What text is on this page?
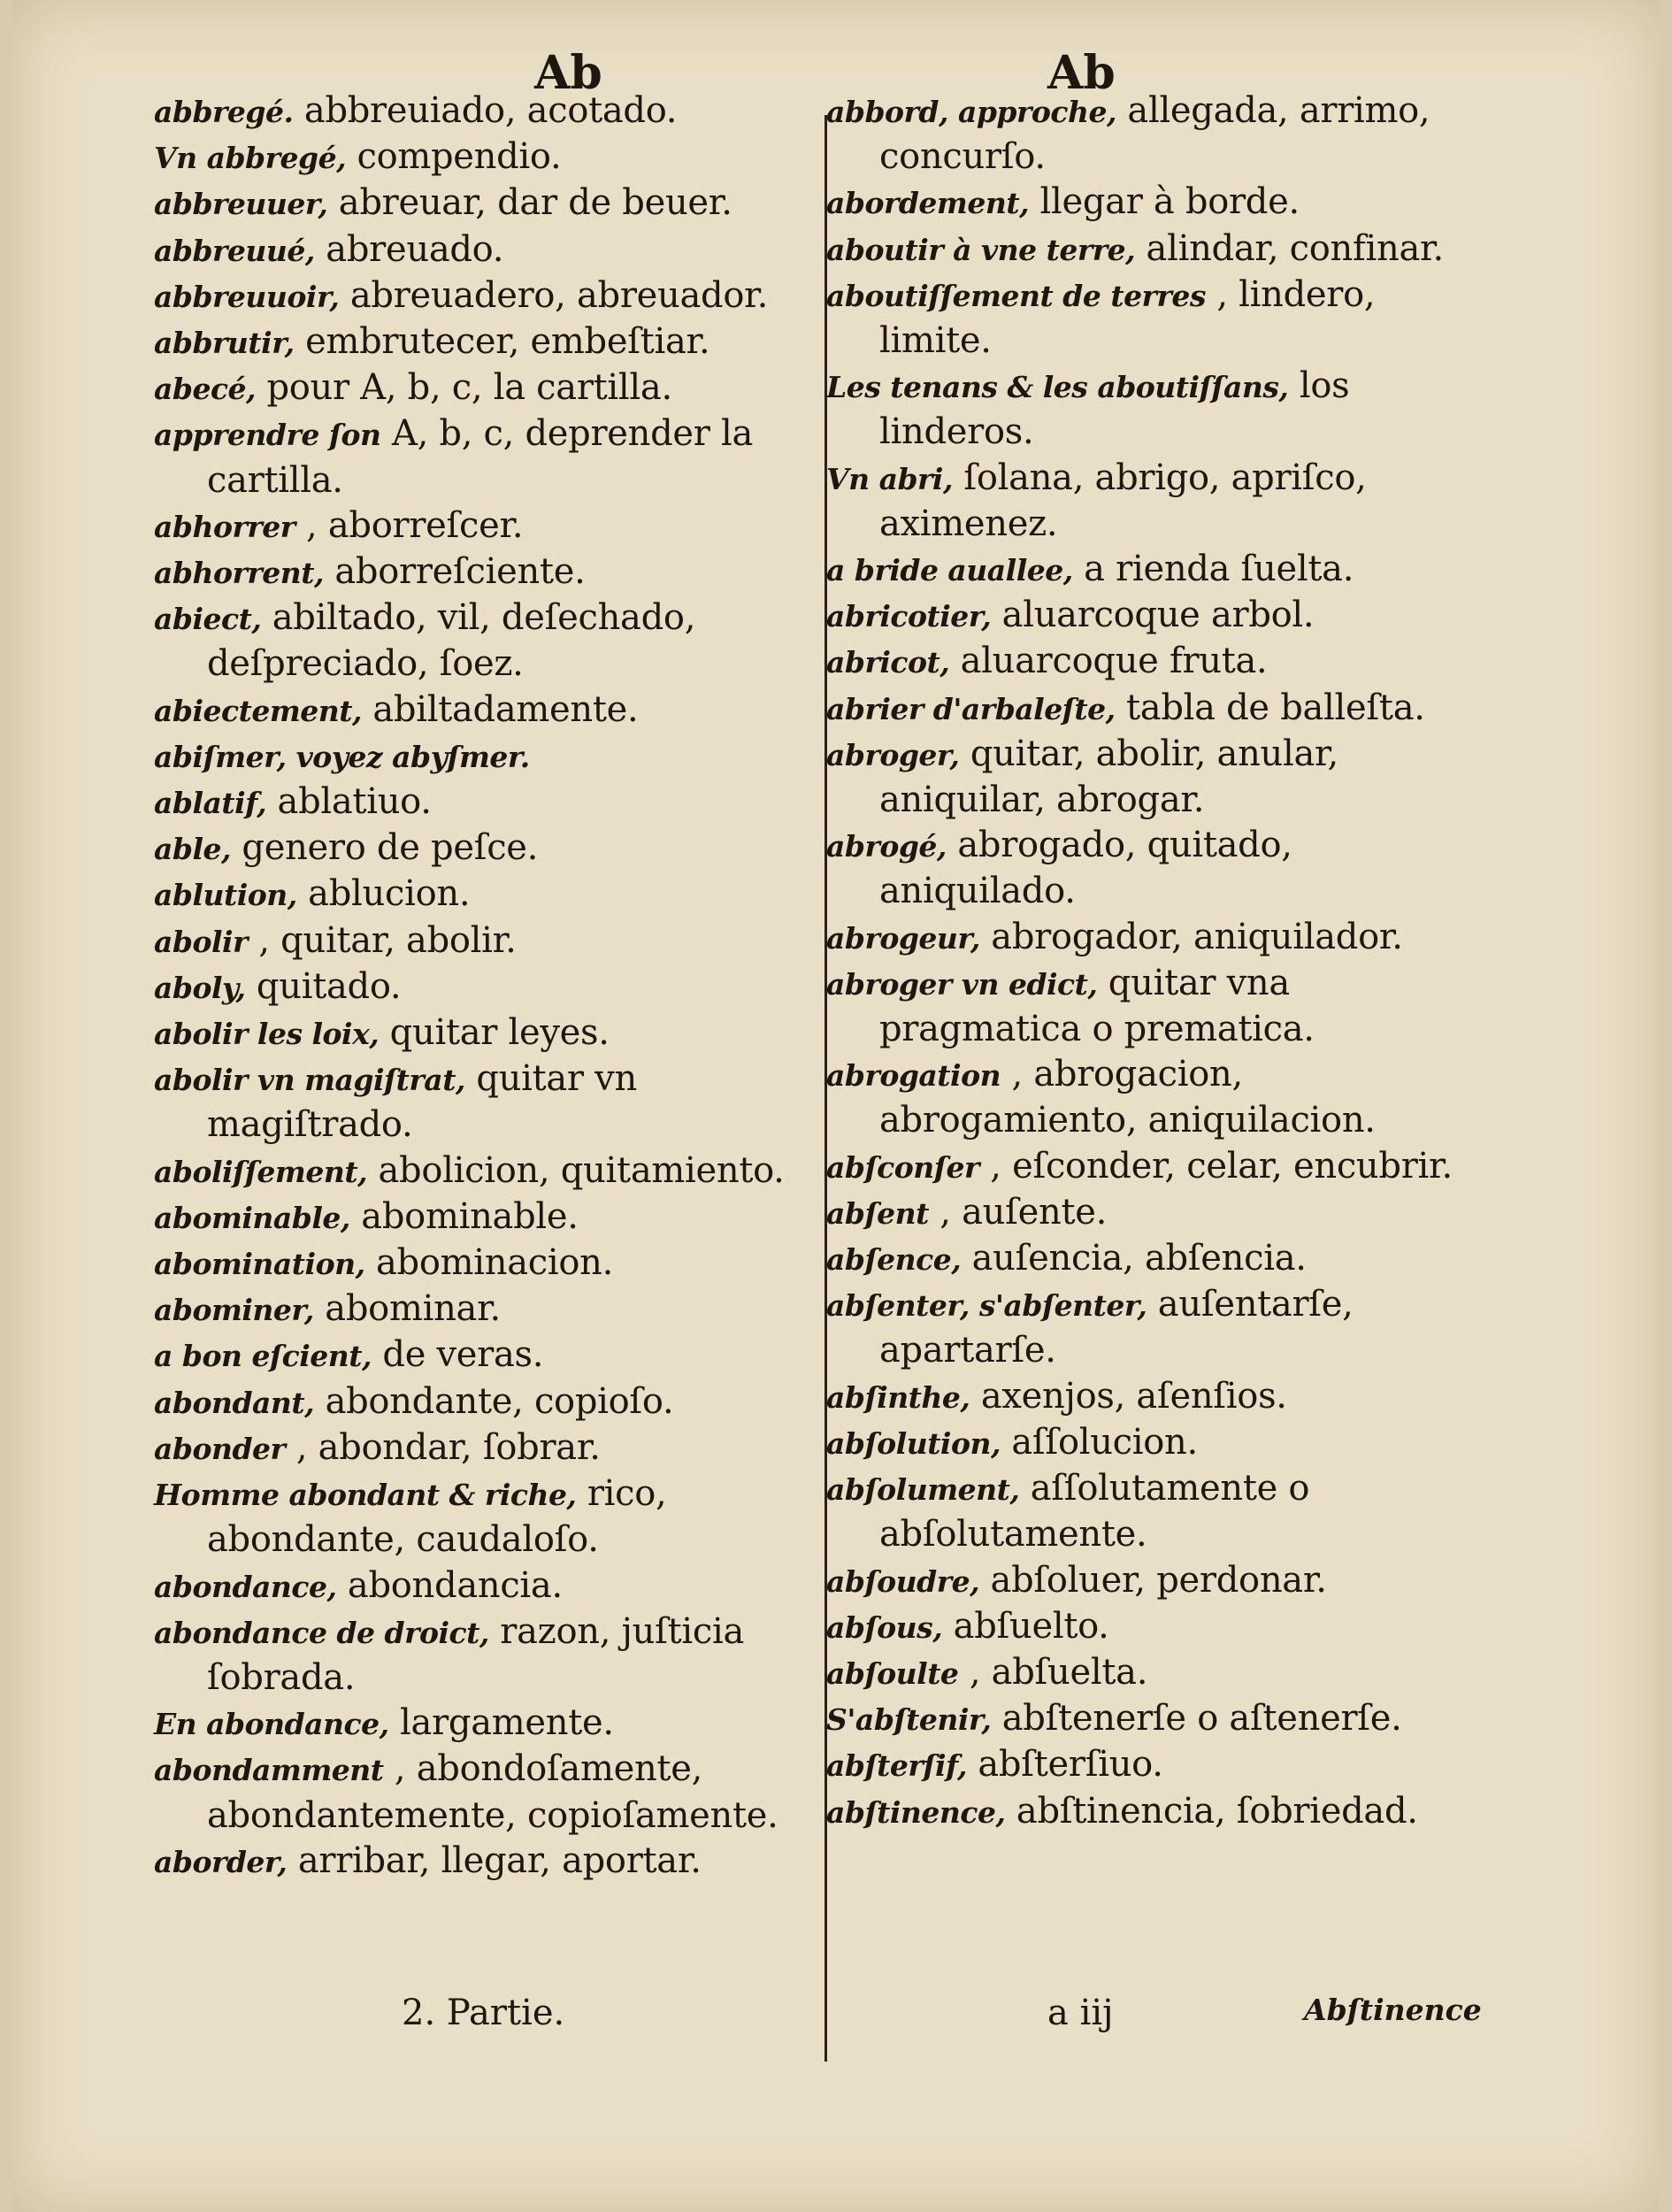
Ab
abbregé. abbreuiado, acotado.
Vn abbregé, compendio.
abbreuuer, abreuar, dar de beuer.
abbreuué, abreuado.
abbreuuoir, abreuadero, abreuador.
abbrutir, embrutecer, embeſtiar.
abecé, pour A, b, c, la cartilla.
apprendre ſon A, b, c, deprender la cartilla.
abhorrer , aborreſcer.
abhorrent, aborreſciente.
abiect, abiltado, vil, deſechado, deſpreciado, ſoez.
abiectement, abiltadamente.
abiſmer, voyez abyſmer.
ablatif, ablatiuo.
able, genero de peſce.
ablution, ablucion.
abolir , quitar, abolir.
aboly, quitado.
abolir les loix, quitar leyes.
abolir vn magiſtrat, quitar vn magiſtrado.
aboliſſement, abolicion, quitamiento.
abominable, abominable.
abomination, abominacion.
abominer, abominar.
a bon eſcient, de veras.
abondant, abondante, copioſo.
abonder , abondar, ſobrar.
Homme abondant & riche, rico, abondante, caudaloſo.
abondance, abondancia.
abondance de droict, razon, juſticia ſobrada.
En abondance, largamente.
abondamment , abondoſamente, abondantemente, copioſamente.
aborder, arribar, llegar, aportar.
2. Partie.
Ab
abbord, approche, allegada, arrimo, concurſo.
abordement, llegar à borde.
aboutir à vne terre, alindar, confinar.
aboutiſſement de terres , lindero, limite.
Les tenans & les aboutiſſans, los linderos.
Vn abri, ſolana, abrigo, apriſco, aximenez.
a bride auallee, a rienda ſuelta.
abricotier, aluarcoque arbol.
abricot, aluarcoque fruta.
abrier d'arbaleſte, tabla de balleſta.
abroger, quitar, abolir, anular, aniquilar, abrogar.
abrogé, abrogado, quitado, aniquilado.
abrogeur, abrogador, aniquilador.
abroger vn edict, quitar vna pragmatica o prematica.
abrogation , abrogacion, abrogamiento, aniquilacion.
abſconſer , eſconder, celar, encubrir.
abſent , auſente.
abſence, auſencia, abſencia.
abſenter, s'abſenter, auſentarſe, apartarſe.
abſinthe, axenjos, aſenſios.
abſolution, aſſolucion.
abſolument, aſſolutamente o abſolutamente.
abſoudre, abſoluer, perdonar.
abſous, abſuelto.
abſoulte , abſuelta.
S'abſtenir, abſtenerſe o aſtenerſe.
abſterſif, abſterſiuo.
abſtinence, abſtinencia, ſobriedad.
a iij	Abſtinence
